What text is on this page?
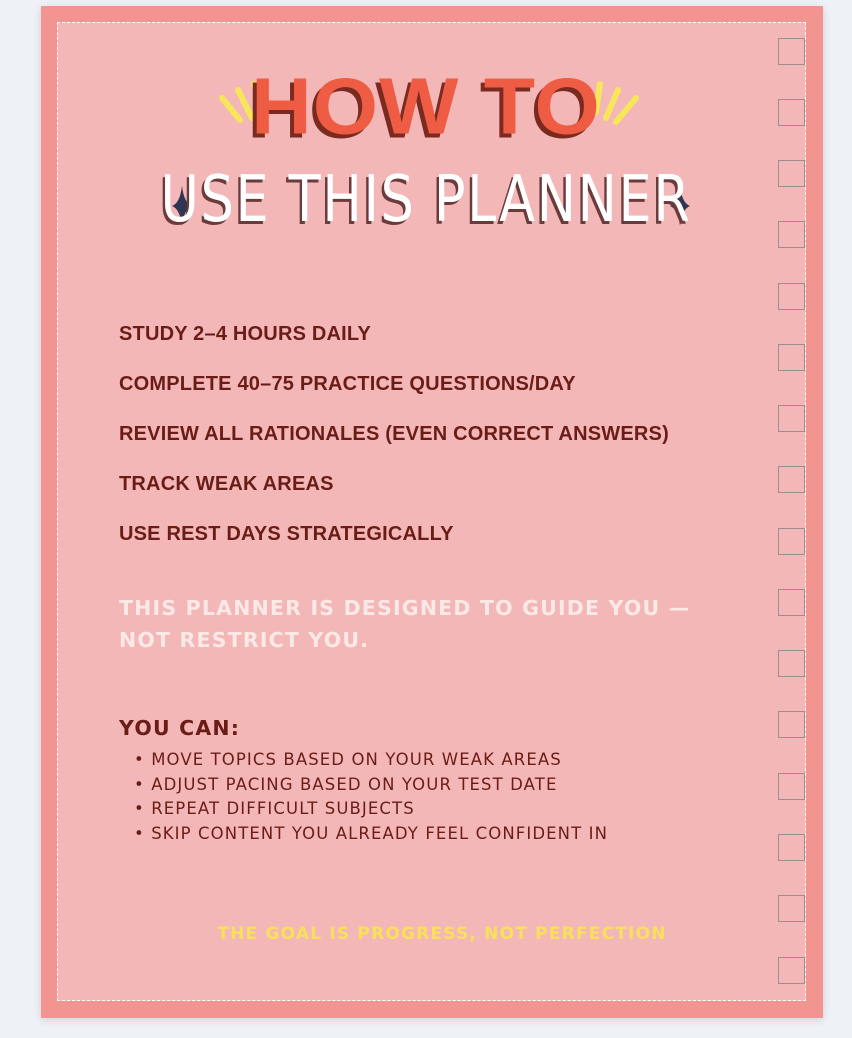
HOW TO
USE THIS PLANNER
STUDY 2–4 HOURS DAILY
COMPLETE 40–75 PRACTICE QUESTIONS/DAY
REVIEW ALL RATIONALES (EVEN CORRECT ANSWERS)
TRACK WEAK AREAS
USE REST DAYS STRATEGICALLY
THIS PLANNER IS DESIGNED TO GUIDE YOU — NOT RESTRICT YOU.
YOU CAN:
• MOVE TOPICS BASED ON YOUR WEAK AREAS
• ADJUST PACING BASED ON YOUR TEST DATE
• REPEAT DIFFICULT SUBJECTS
• SKIP CONTENT YOU ALREADY FEEL CONFIDENT IN
THE GOAL IS PROGRESS, NOT PERFECTION
